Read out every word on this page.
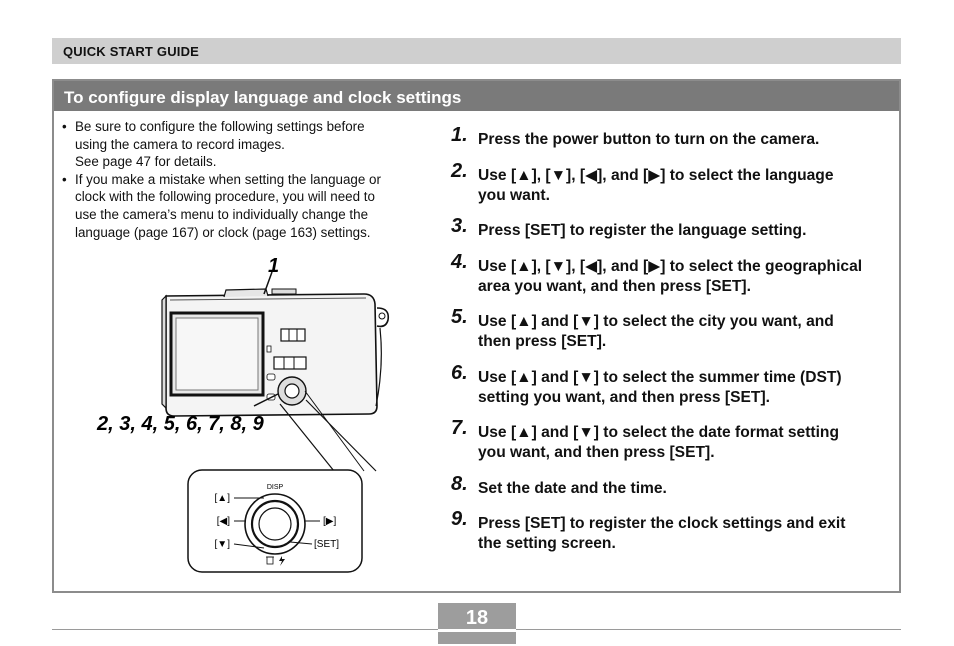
QUICK START GUIDE
To configure display language and clock settings
• Be sure to configure the following settings before
using the camera to record images.
See page 47 for details.
• If you make a mistake when setting the language or
clock with the following procedure, you will need to
use the camera’s menu to individually change the
language (page 167) or clock (page 163) settings.
1
2, 3, 4, 5, 6, 7, 8, 9
DISP
[▲]
[◀]
[▼]
[▶]
[SET]
1. Press the power button to turn on the camera.
2. Use [▲], [▼], [◀], and [▶] to select the language
you want.
3. Press [SET] to register the language setting.
4. Use [▲], [▼], [◀], and [▶] to select the geographical
area you want, and then press [SET].
5. Use [▲] and [▼] to select the city you want, and
then press [SET].
6. Use [▲] and [▼] to select the summer time (DST)
setting you want, and then press [SET].
7. Use [▲] and [▼] to select the date format setting
you want, and then press [SET].
8. Set the date and the time.
9. Press [SET] to register the clock settings and exit
the setting screen.
18
